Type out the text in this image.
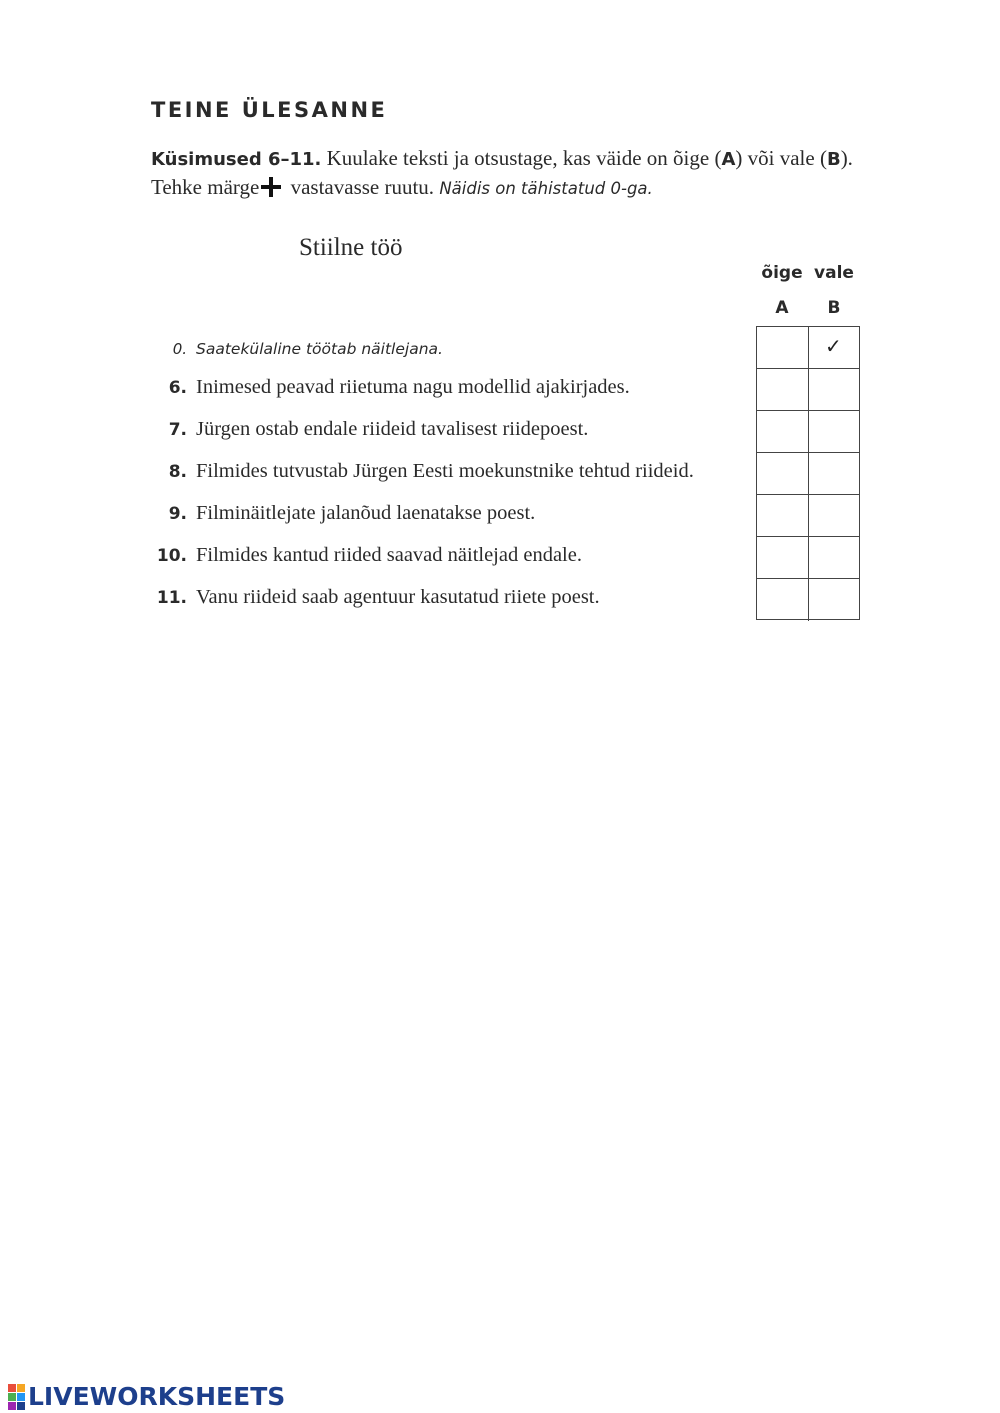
TEINE ÜLESANNE
Küsimused 6–11. Kuulake teksti ja otsustage, kas väide on õige (A) või vale (B).
Tehke märge vastavasse ruutu. Näidis on tähistatud 0-ga.
Stiilne töö
õige vale
A	B
0. Saatekülaline töötab näitlejana.
6. Inimesed peavad riietuma nagu modellid ajakirjades.
7. Jürgen ostab endale riideid tavalisest riidepoest.
8. Filmides tutvustab Jürgen Eesti moekunstnike tehtud riideid.
9. Filminäitlejate jalanõud laenatakse poest.
10. Filmides kantud riided saavad näitlejad endale.
11. Vanu riideid saab agentuur kasutatud riiete poest.
✓
LIVEWORKSHEETS
